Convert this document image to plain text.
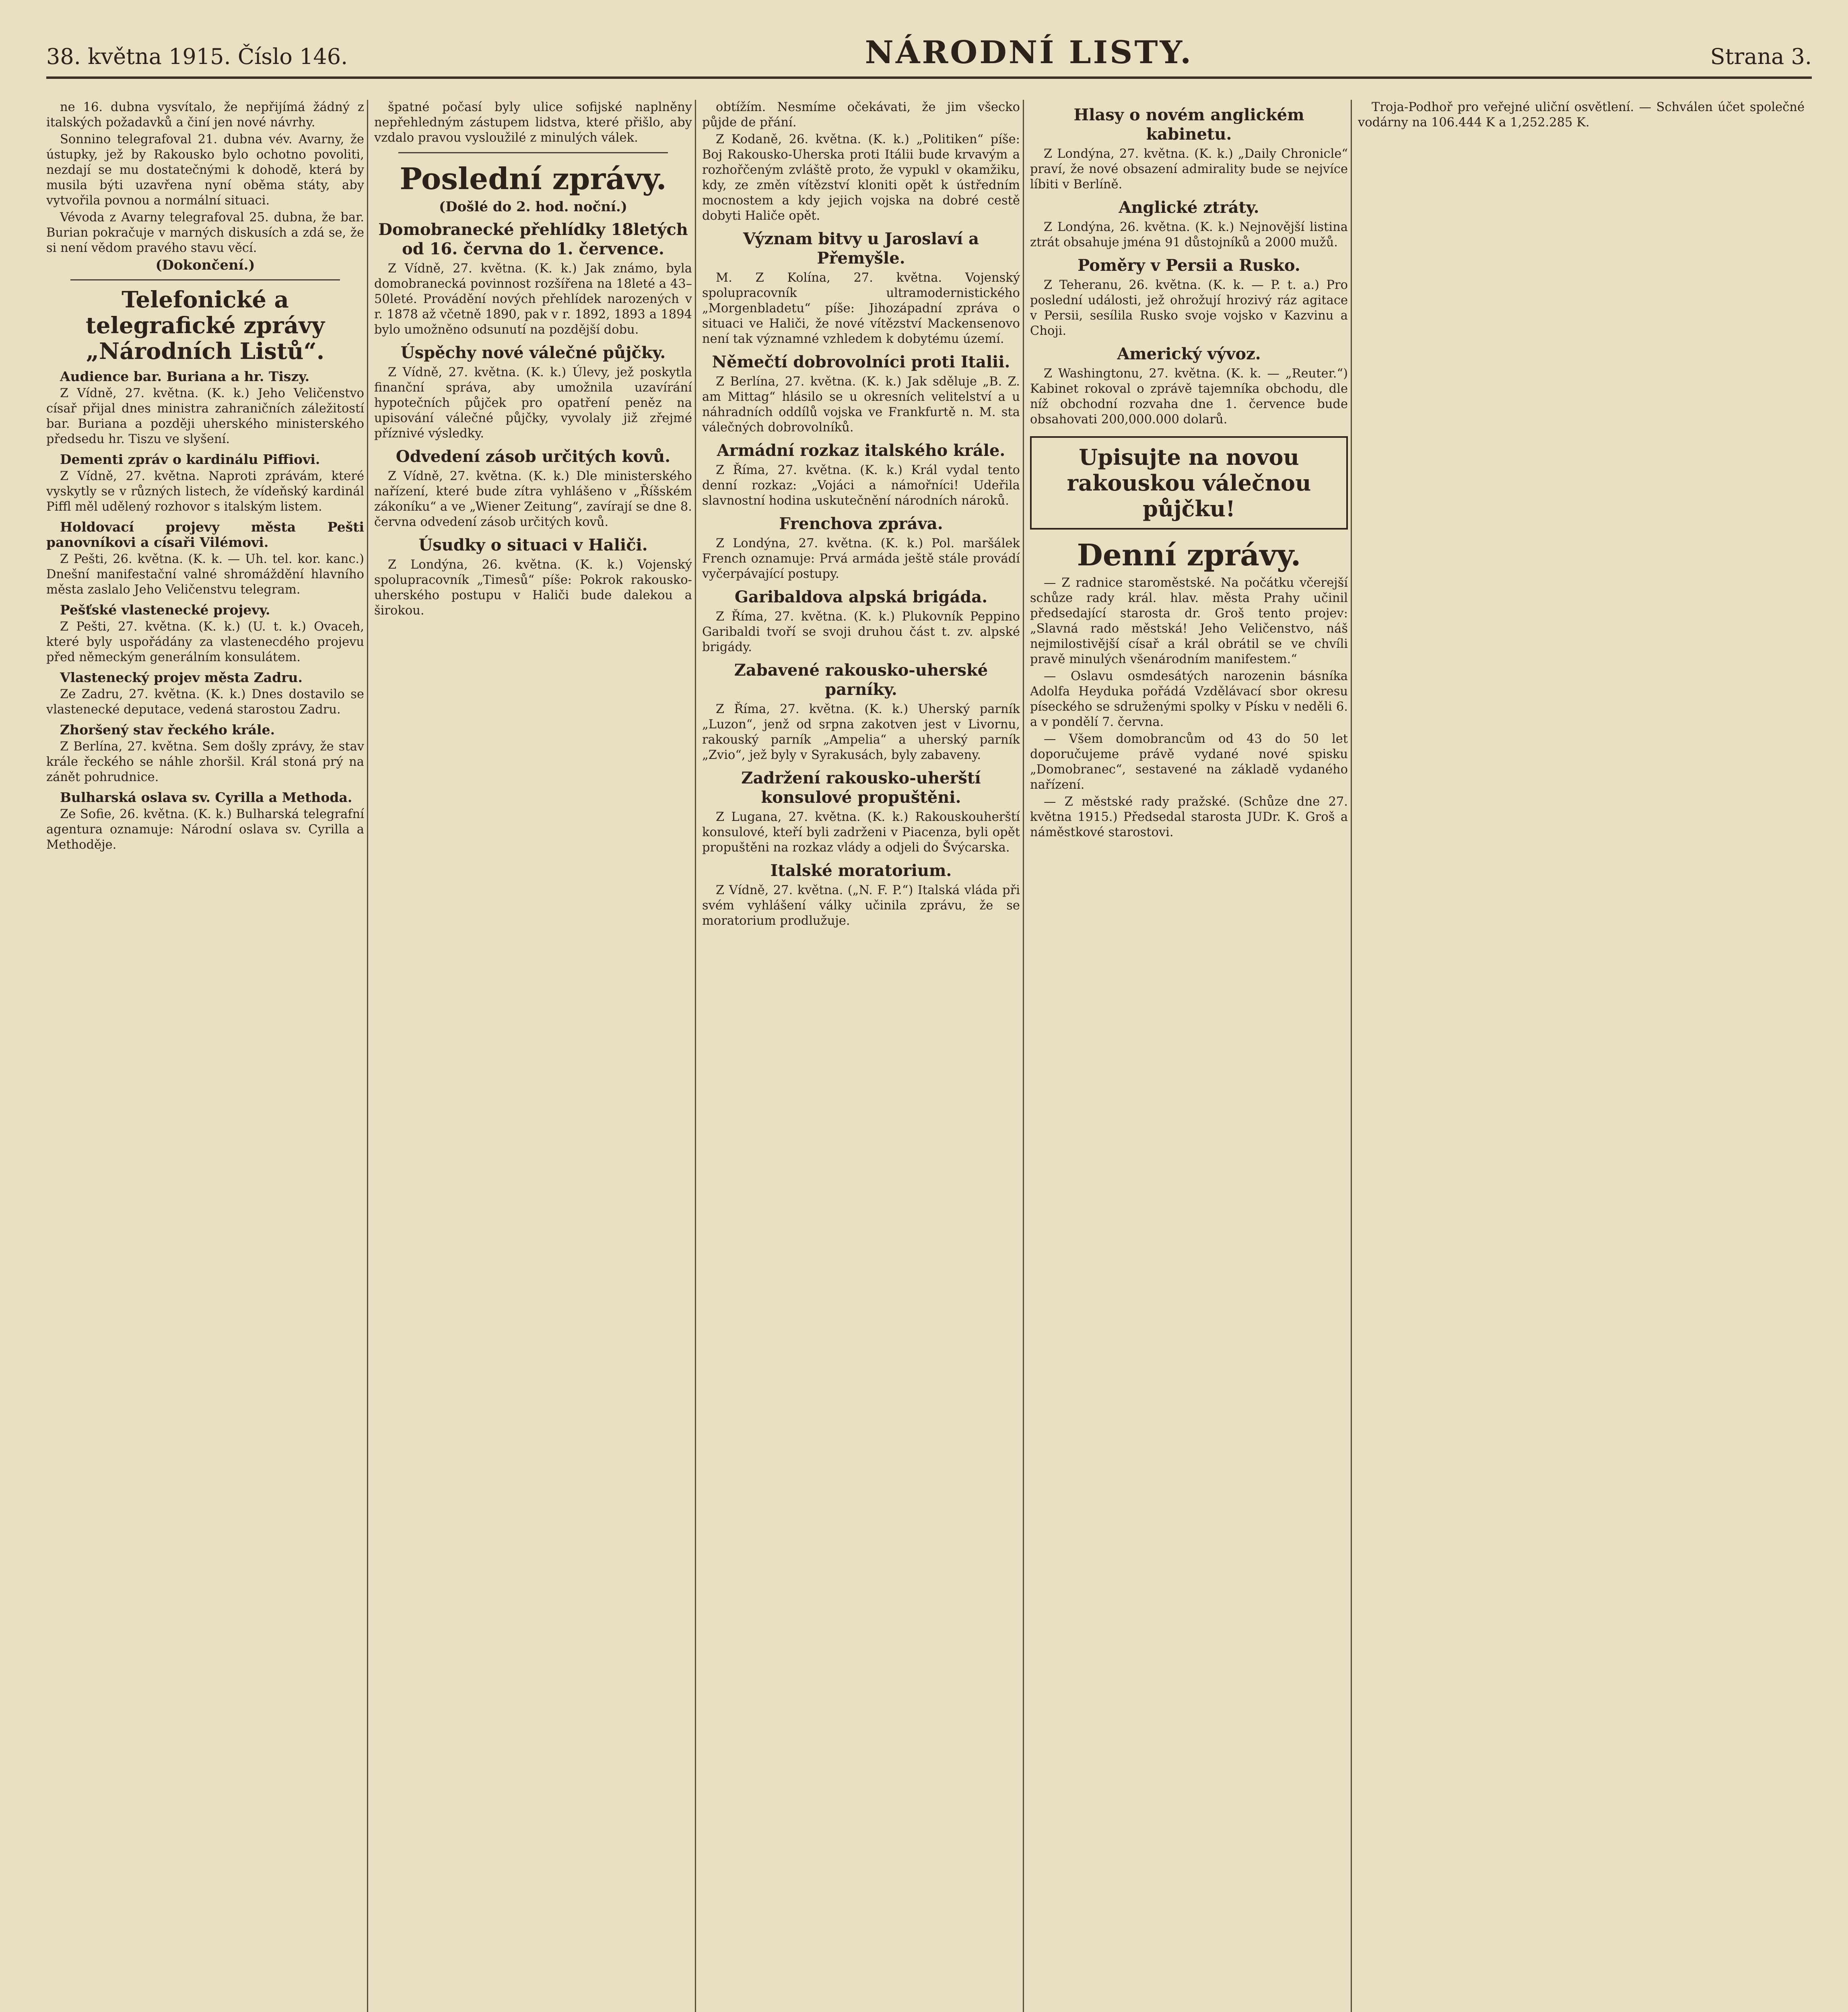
38. května 1915. Číslo 146.	NÁRODNÍ LISTY.	Strana 3.

ne 16. dubna vysvítalo, že nepřijímá žádný z italských požadavků a činí jen nové návrhy.

Sonnino telegrafoval 21. dubna vév. Avarny, že ústupky, jež by Rakousko bylo ochotno povoliti, nezdají se mu dostatečnými k dohodě, která by musila býti uzavřena nyní oběma státy, aby vytvořila povnou a normální situaci.

Vévoda z Avarny telegrafoval 25. dubna, že bar. Burian pokračuje v marných diskusích a zdá se, že si není vědom pravého stavu věcí.

(Dokončení.)
Telefonické a telegrafické zprávy „Národních Listů“.
Audience bar. Buriana a hr. Tiszy.

Z Vídně, 27. května. (K. k.) Jeho Veličenstvo císař přijal dnes ministra zahraničních záležitostí bar. Buriana a později uherského ministerského předsedu hr. Tiszu ve slyšení.

Dementi zpráv o kardinálu Piffiovi.

Z Vídně, 27. května. Naproti zprávám, které vyskytly se v různých listech, že vídeňský kardinál Piffl měl udělený rozhovor s italským listem.

Holdovací projevy města Pešti panovníkovi a císaři Vilémovi.

Z Pešti, 26. května. (K. k. — Uh. tel. kor. kanc.) Dnešní manifestační valné shromáždění hlavního města zaslalo Jeho Veličenstvu telegram.

Pešťské vlastenecké projevy.

Z Pešti, 27. května. (K. k.) (U. t. k.) Ovaceh, které byly uspořádány za vlastenecdého projevu před německým generálním konsulátem.

Vlastenecký projev města Zadru.

Ze Zadru, 27. května. (K. k.) Dnes dostavilo se vlastenecké deputace, vedená starostou Zadru.

Zhoršený stav řeckého krále.

Z Berlína, 27. května. Sem došly zprávy, že stav krále řeckého se náhle zhoršil. Král stoná prý na zánět pohrudnice.

Bulharská oslava sv. Cyrilla a Methoda.

Ze Sofie, 26. května. (K. k.) Bulharská telegrafní agentura oznamuje: Národní oslava sv. Cyrilla a Methoděje.

špatné počasí byly ulice sofijské naplněny nepřehledným zástupem lidstva, které přišlo, aby vzdalo pravou vysloužilé z minulých válek.

Poslední zprávy.
(Došlé do 2. hod. noční.)
Domobranecké přehlídky 18letých od 16. června do 1. července.

Z Vídně, 27. května. (K. k.) Jak známo, byla domobranecká povinnost rozšířena na 18leté a 43–50leté. Provádění nových přehlídek narozených v r. 1878 až včetně 1890, pak v r. 1892, 1893 a 1894 bylo umožněno odsunutí na pozdější dobu.

Úspěchy nové válečné půjčky.

Z Vídně, 27. května. (K. k.) Úlevy, jež poskytla finanční správa, aby umožnila uzavírání hypotečních půjček pro opatření peněz na upisování válečné půjčky, vyvolaly již zřejmé příznivé výsledky.

Odvedení zásob určitých kovů.

Z Vídně, 27. května. (K. k.) Dle ministerského nařízení, které bude zítra vyhlášeno v „Říšském zákoníku“ a ve „Wiener Zeitung“, zavírají se dne 8. června odvedení zásob určitých kovů.

Úsudky o situaci v Haliči.

Z Londýna, 26. května. (K. k.) Vojenský spolupracovník „Timesů“ píše: Pokrok rakousko-uherského postupu v Haliči bude dalekou a širokou.

obtížím. Nesmíme očekávati, že jim všecko půjde de přání.

Z Kodaně, 26. května. (K. k.) „Politiken“ píše: Boj Rakousko-Uherska proti Itálii bude krvavým a rozhořčeným zvláště proto, že vypukl v okamžiku, kdy, ze změn vítězství kloniti opět k ústředním mocnostem a kdy jejich vojska na dobré cestě dobyti Haliče opět.

Význam bitvy u Jaroslaví a Přemyšle.

M. Z Kolína, 27. května. Vojenský spolupracovník ultramodernistického „Morgenbladetu“ píše: Jihozápadní zpráva o situaci ve Haliči, že nové vítězství Mackensenovo není tak významné vzhledem k dobytému území.

Němečtí dobrovolníci proti Italii.

Z Berlína, 27. května. (K. k.) Jak sděluje „B. Z. am Mittag“ hlásilo se u okresních velitelství a u náhradních oddílů vojska ve Frankfurtě n. M. sta válečných dobrovolníků.

Armádní rozkaz italského krále.

Z Říma, 27. května. (K. k.) Král vydal tento denní rozkaz: „Vojáci a námořníci! Udeřila slavnostní hodina uskutečnění národních nároků.

Frenchova zpráva.

Z Londýna, 27. května. (K. k.) Pol. maršálek French oznamuje: Prvá armáda ještě stále provádí vyčerpávající postupy.

Garibaldova alpská brigáda.

Z Říma, 27. května. (K. k.) Plukovník Peppino Garibaldi tvoří se svoji druhou část t. zv. alpské brigády.

Zabavené rakousko-uherské parníky.

Z Říma, 27. května. (K. k.) Uherský parník „Luzon“, jenž od srpna zakotven jest v Livornu, rakouský parník „Ampelia“ a uherský parník „Zvio“, jež byly v Syrakusách, byly zabaveny.

Zadržení rakousko-uherští konsulové propuštěni.

Z Lugana, 27. května. (K. k.) Rakouskouherští konsulové, kteří byli zadrženi v Piacenza, byli opět propuštěni na rozkaz vlády a odjeli do Švýcarska.

Italské moratorium.

Z Vídně, 27. května. („N. F. P.“) Italská vláda při svém vyhlášení války učinila zprávu, že se moratorium prodlužuje.

Hlasy o novém anglickém kabinetu.

Z Londýna, 27. května. (K. k.) „Daily Chronicle“ praví, že nové obsazení admirality bude se nejvíce líbiti v Berlíně.

Anglické ztráty.

Z Londýna, 26. května. (K. k.) Nejnovější listina ztrát obsahuje jména 91 důstojníků a 2000 mužů.

Poměry v Persii a Rusko.

Z Teheranu, 26. května. (K. k. — P. t. a.) Pro poslední události, jež ohrožují hrozivý ráz agitace v Persii, sesílila Rusko svoje vojsko v Kazvinu a Choji.

Americký vývoz.

Z Washingtonu, 27. května. (K. k. — „Reuter.“) Kabinet rokoval o zprávě tajemníka obchodu, dle níž obchodní rozvaha dne 1. července bude obsahovati 200,000.000 dolarů.

Upisujte na novou rakouskou válečnou půjčku!
Denní zprávy.

— Z radnice staroměstské. Na počátku včerejší schůze rady král. hlav. města Prahy učinil předsedající starosta dr. Groš tento projev: „Slavná rado městská! Jeho Veličenstvo, náš nejmilostivější císař a král obrátil se ve chvíli pravě minulých všenárodním manifestem.“

— Oslavu osmdesátých narozenin básníka Adolfa Heyduka pořádá Vzdělávací sbor okresu píseckého se sdruženými spolky v Písku v neděli 6. a v pondělí 7. června.

— Všem domobrancům od 43 do 50 let doporučujeme právě vydané nové spisku „Domobranec“, sestavené na základě vydaného nařízení.

— Z městské rady pražské. (Schůze dne 27. května 1915.) Předsedal starosta JUDr. K. Groš a náměstkové starostovi.

Troja-Podhoř pro veřejné uliční osvětlení. — Schválen účet společné vodárny na 106.444 K a 1,252.285 K.
